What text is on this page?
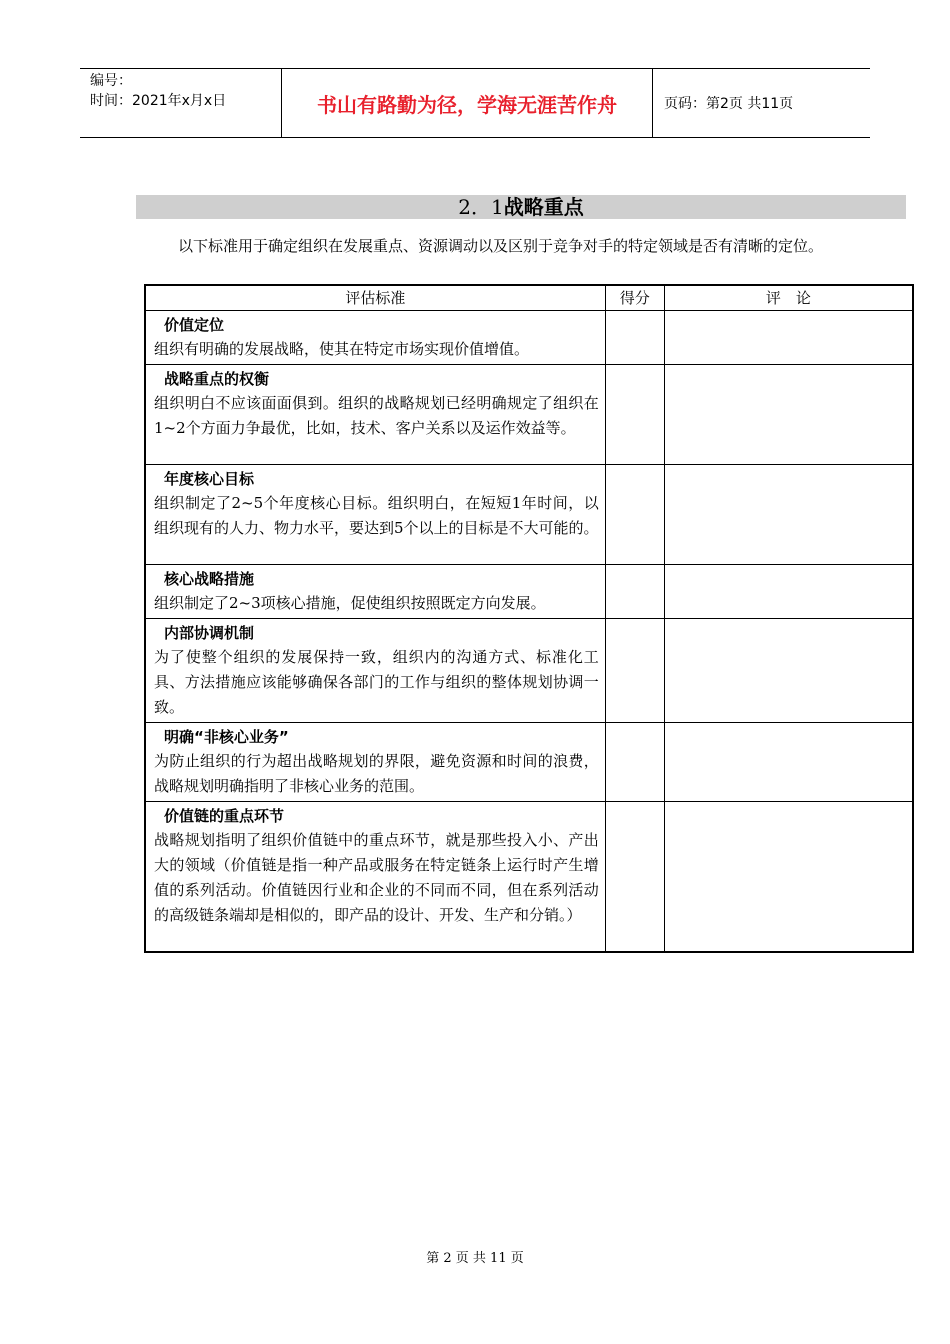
编号：
时间：2021年x月x日	书山有路勤为径，学海无涯苦作舟	页码：第2页 共11页
2．1战略重点

以下标准用于确定组织在发展重点、资源调动以及区别于竞争对手的特定领域是否有清晰的定位。

评估标准	得分	评　论

价值定位
组织有明确的发展战略，使其在特定市场实现价值增值。		

战略重点的权衡
组织明白不应该面面俱到。组织的战略规划已经明确规定了组织在1~2个方面力争最优，比如，技术、客户关系以及运作效益等。		

年度核心目标
组织制定了2~5个年度核心目标。组织明白，在短短1年时间，以组织现有的人力、物力水平，要达到5个以上的目标是不大可能的。		

核心战略措施
组织制定了2~3项核心措施，促使组织按照既定方向发展。		

内部协调机制
为了使整个组织的发展保持一致，组织内的沟通方式、标准化工具、方法措施应该能够确保各部门的工作与组织的整体规划协调一致。		

明确“非核心业务”
为防止组织的行为超出战略规划的界限，避免资源和时间的浪费，战略规划明确指明了非核心业务的范围。		

价值链的重点环节
战略规划指明了组织价值链中的重点环节，就是那些投入小、产出大的领域（价值链是指一种产品或服务在特定链条上运行时产生增值的系列活动。价值链因行业和企业的不同而不同，但在系列活动的高级链条端却是相似的，即产品的设计、开发、生产和分销。）		

第 2 页 共 11 页
